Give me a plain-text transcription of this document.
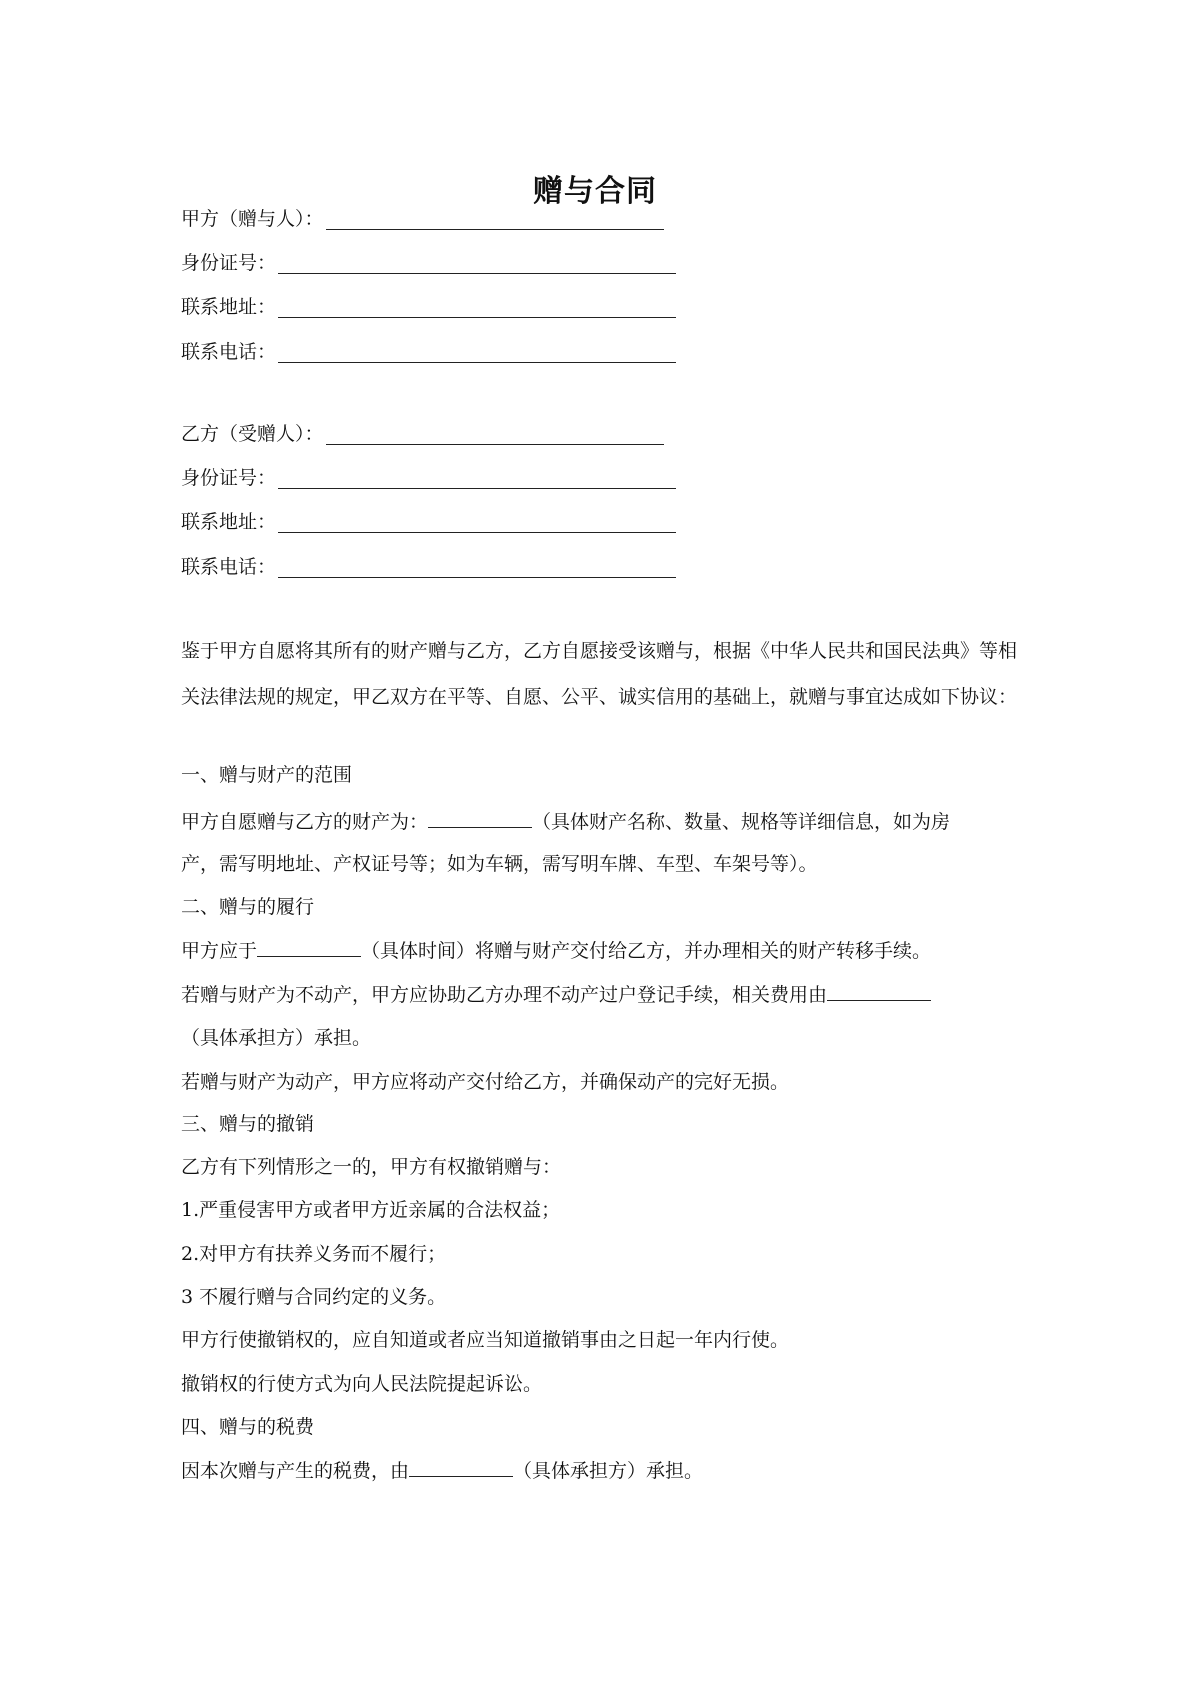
赠与合同
甲方（赠与人）：
身份证号：
联系地址：
联系电话：
乙方（受赠人）：
身份证号：
联系地址：
联系电话：

鉴于甲方自愿将其所有的财产赠与乙方，乙方自愿接受该赠与，根据《中华人民共和国民法典》等相关法律法规的规定，甲乙双方在平等、自愿、公平、诚实信用的基础上，就赠与事宜达成如下协议：

一、赠与财产的范围
甲方自愿赠与乙方的财产为：	（具体财产名称、数量、规格等详细信息，如为房
产，需写明地址、产权证号等；如为车辆，需写明车牌、车型、车架号等）。
二、赠与的履行
甲方应于	（具体时间）将赠与财产交付给乙方，并办理相关的财产转移手续。
若赠与财产为不动产，甲方应协助乙方办理不动产过户登记手续，相关费用由
（具体承担方）承担。
若赠与财产为动产，甲方应将动产交付给乙方，并确保动产的完好无损。
三、赠与的撤销
乙方有下列情形之一的，甲方有权撤销赠与：
1.严重侵害甲方或者甲方近亲属的合法权益；
2.对甲方有扶养义务而不履行；
3 不履行赠与合同约定的义务。
甲方行使撤销权的，应自知道或者应当知道撤销事由之日起一年内行使。
撤销权的行使方式为向人民法院提起诉讼。
四、赠与的税费
因本次赠与产生的税费，由	（具体承担方）承担。
